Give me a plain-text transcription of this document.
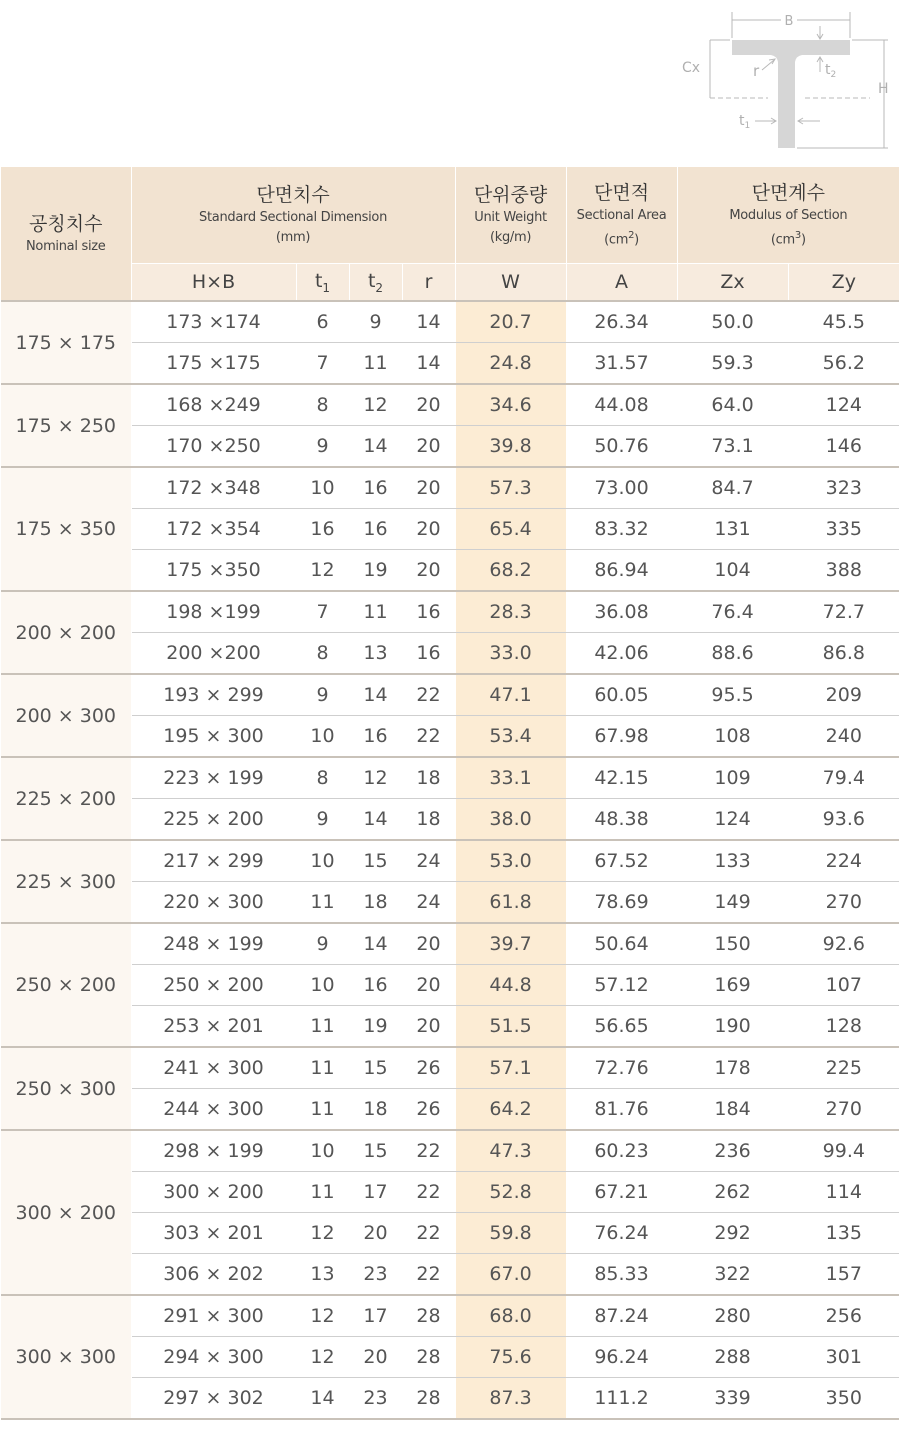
B
$t_2$
Cx
H
r
$t_1$
공칭치수
Nominal size	단면치수
Standard Sectional Dimension
(mm)				단위중량
Unit Weight
(kg/m)	단면적
Sectional Area
$(cm^2)$	단면계수
Modulus of Section
$(cm^3)$	

	H×B	$t_1$	$t_2$	r	W	A	Zx	Zy
175 × 175	173 ×174	6	9	14	20.7	26.34	50.0	45.5
	175 ×175	7	11	14	24.8	31.57	59.3	56.2
175 × 250	168 ×249	8	12	20	34.6	44.08	64.0	124
	170 ×250	9	14	20	39.8	50.76	73.1	146
175 × 350	172 ×348	10	16	20	57.3	73.00	84.7	323
	172 ×354	16	16	20	65.4	83.32	131	335
	175 ×350	12	19	20	68.2	86.94	104	388
200 × 200	198 ×199	7	11	16	28.3	36.08	76.4	72.7
	200 ×200	8	13	16	33.0	42.06	88.6	86.8
200 × 300	193 × 299	9	14	22	47.1	60.05	95.5	209
	195 × 300	10	16	22	53.4	67.98	108	240
225 × 200	223 × 199	8	12	18	33.1	42.15	109	79.4
	225 × 200	9	14	18	38.0	48.38	124	93.6
225 × 300	217 × 299	10	15	24	53.0	67.52	133	224
	220 × 300	11	18	24	61.8	78.69	149	270
250 × 200	248 × 199	9	14	20	39.7	50.64	150	92.6
	250 × 200	10	16	20	44.8	57.12	169	107
	253 × 201	11	19	20	51.5	56.65	190	128
250 × 300	241 × 300	11	15	26	57.1	72.76	178	225
	244 × 300	11	18	26	64.2	81.76	184	270
300 × 200	298 × 199	10	15	22	47.3	60.23	236	99.4
	300 × 200	11	17	22	52.8	67.21	262	114
	303 × 201	12	20	22	59.8	76.24	292	135
	306 × 202	13	23	22	67.0	85.33	322	157
300 × 300	291 × 300	12	17	28	68.0	87.24	280	256
	294 × 300	12	20	28	75.6	96.24	288	301
	297 × 302	14	23	28	87.3	111.2	339	350
